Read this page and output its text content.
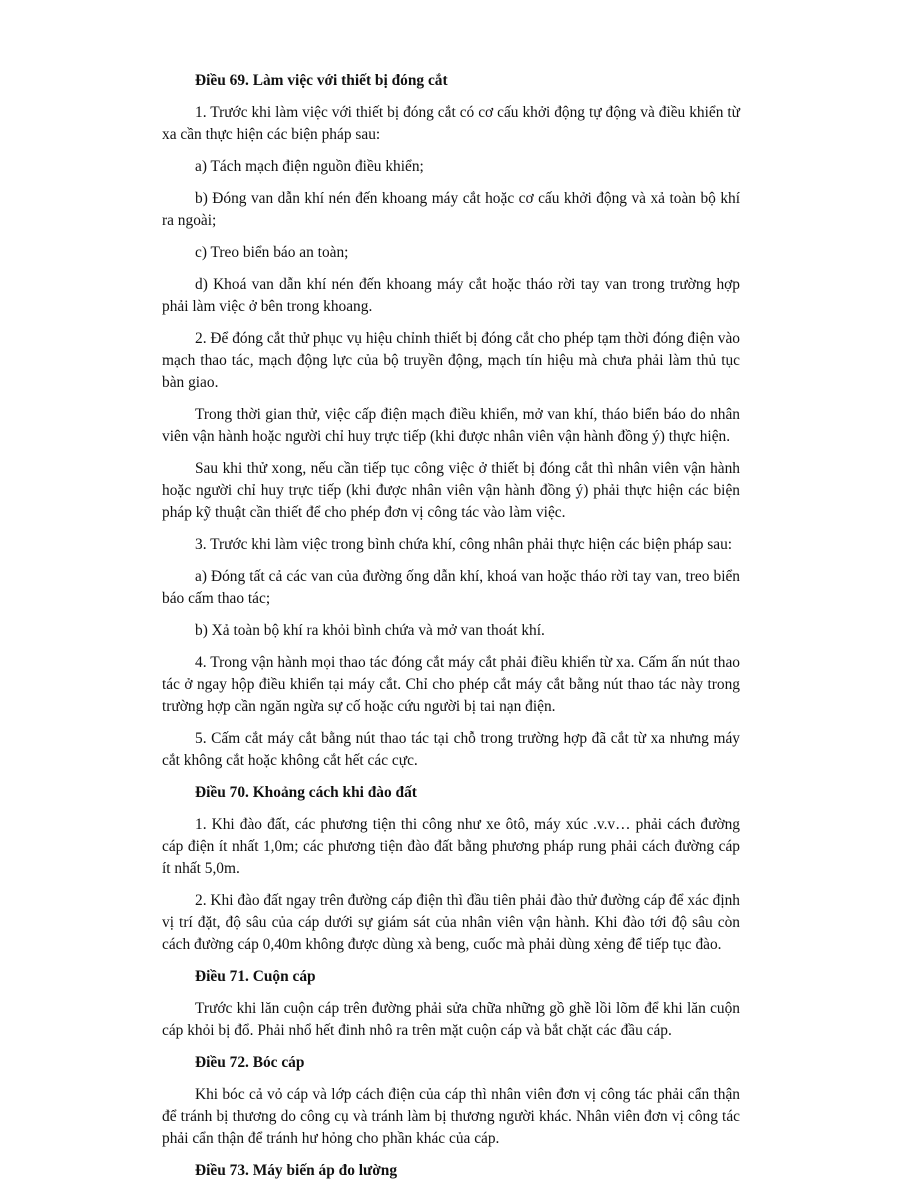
Điều 69. Làm việc với thiết bị đóng cắt

1. Trước khi làm việc với thiết bị đóng cắt có cơ cấu khởi động tự động và điều khiển từ xa cần thực hiện các biện pháp sau:

a) Tách mạch điện nguồn điều khiển;

b) Đóng van dẫn khí nén đến khoang máy cắt hoặc cơ cấu khởi động và xả toàn bộ khí ra ngoài;

c) Treo biển báo an toàn;

d) Khoá van dẫn khí nén đến khoang máy cắt hoặc tháo rời tay van trong trường hợp phải làm việc ở bên trong khoang.

2. Để đóng cắt thử phục vụ hiệu chỉnh thiết bị đóng cắt cho phép tạm thời đóng điện vào mạch thao tác, mạch động lực của bộ truyền động, mạch tín hiệu mà chưa phải làm thủ tục bàn giao.

Trong thời gian thử, việc cấp điện mạch điều khiển, mở van khí, tháo biển báo do nhân viên vận hành hoặc người chỉ huy trực tiếp (khi được nhân viên vận hành đồng ý) thực hiện.

Sau khi thử xong, nếu cần tiếp tục công việc ở thiết bị đóng cắt thì nhân viên vận hành hoặc người chỉ huy trực tiếp (khi được nhân viên vận hành đồng ý) phải thực hiện các biện pháp kỹ thuật cần thiết để cho phép đơn vị công tác vào làm việc.

3. Trước khi làm việc trong bình chứa khí, công nhân phải thực hiện các biện pháp sau:

a) Đóng tất cả các van của đường ống dẫn khí, khoá van hoặc tháo rời tay van, treo biển báo cấm thao tác;

b) Xả toàn bộ khí ra khỏi bình chứa và mở van thoát khí.

4. Trong vận hành mọi thao tác đóng cắt máy cắt phải điều khiển từ xa. Cấm ấn nút thao tác ở ngay hộp điều khiển tại máy cắt. Chỉ cho phép cắt máy cắt bằng nút thao tác này trong trường hợp cần ngăn ngừa sự cố hoặc cứu người bị tai nạn điện.

5. Cấm cắt máy cắt bằng nút thao tác tại chỗ trong trường hợp đã cắt từ xa nhưng máy cắt không cắt hoặc không cắt hết các cực.

Điều 70. Khoảng cách khi đào đất

1. Khi đào đất, các phương tiện thi công như xe ôtô, máy xúc .v.v… phải cách đường cáp điện ít nhất 1,0m; các phương tiện đào đất bằng phương pháp rung phải cách đường cáp ít nhất 5,0m.

2. Khi đào đất ngay trên đường cáp điện thì đầu tiên phải đào thử đường cáp để xác định vị trí đặt, độ sâu của cáp dưới sự giám sát của nhân viên vận hành. Khi đào tới độ sâu còn cách đường cáp 0,40m không được dùng xà beng, cuốc mà phải dùng xẻng để tiếp tục đào.

Điều 71. Cuộn cáp

Trước khi lăn cuộn cáp trên đường phải sửa chữa những gồ ghề lồi lõm để khi lăn cuộn cáp khỏi bị đổ. Phải nhổ hết đinh nhô ra trên mặt cuộn cáp và bắt chặt các đầu cáp.

Điều 72. Bóc cáp

Khi bóc cả vỏ cáp và lớp cách điện của cáp thì nhân viên đơn vị công tác phải cẩn thận để tránh bị thương do công cụ và tránh làm bị thương người khác. Nhân viên đơn vị công tác phải cẩn thận để tránh hư hỏng cho phần khác của cáp.

Điều 73. Máy biến áp đo lường
